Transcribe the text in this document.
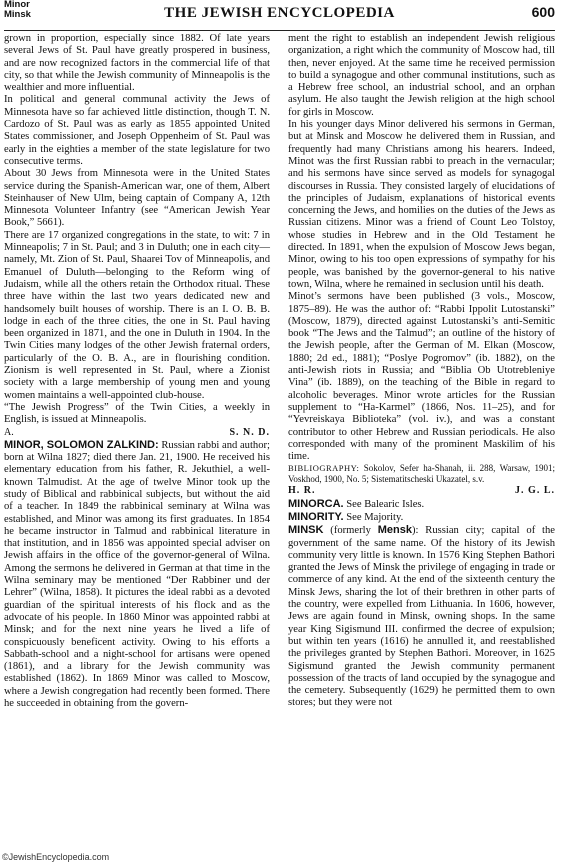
Minor
Minsk	THE JEWISH ENCYCLOPEDIA	600

grown in proportion, especially since 1882. Of late years several Jews of St. Paul have greatly prospered in business, and are now recognized factors in the commercial life of that city, so that while the Jewish community of Minneapolis is the wealthier and more influential.

In political and general communal activity the Jews of Minnesota have so far achieved little distinction, though T. N. Cardozo of St. Paul was as early as 1855 appointed United States commissioner, and Joseph Oppenheim of St. Paul was early in the eighties a member of the state legislature for two consecutive terms.

About 30 Jews from Minnesota were in the United States service during the Spanish-American war, one of them, Albert Steinhauser of New Ulm, being captain of Company A, 12th Minnesota Volunteer Infantry (see “American Jewish Year Book,” 5661).

There are 17 organized congregations in the state, to wit: 7 in Minneapolis; 7 in St. Paul; and 3 in Duluth; one in each city—namely, Mt. Zion of St. Paul, Shaarei Tov of Minneapolis, and Emanuel of Duluth—belonging to the Reform wing of Judaism, while all the others retain the Orthodox ritual. These three have within the last two years dedicated new and handsomely built houses of worship. There is an I. O. B. B. lodge in each of the three cities, the one in St. Paul having been organized in 1871, and the one in Duluth in 1904. In the Twin Cities many lodges of the other Jewish fraternal orders, particularly of the O. B. A., are in flourishing condition. Zionism is well represented in St. Paul, where a Zionist society with a large membership of young men and young women maintains a well-appointed club-house.

“The Jewish Progress” of the Twin Cities, a weekly in English, is issued at Minneapolis.

A.	S. N. D.

MINOR, SOLOMON ZALKIND: Russian rabbi and author; born at Wilna 1827; died there Jan. 21, 1900. He received his elementary education from his father, R. Jekuthiel, a well-known Talmudist. At the age of twelve Minor took up the study of Biblical and rabbinical subjects, but without the aid of a teacher. In 1849 the rabbinical seminary at Wilna was established, and Minor was among its first graduates. In 1854 he became instructor in Talmud and rabbinical literature in that institution, and in 1856 was appointed special adviser on Jewish affairs in the office of the governor-general of Wilna. Among the sermons he delivered in German at that time in the Wilna seminary may be mentioned “Der Rabbiner und der Lehrer” (Wilna, 1858). It pictures the ideal rabbi as a devoted guardian of the spiritual interests of his flock and as the advocate of his people. In 1860 Minor was appointed rabbi at Minsk; and for the next nine years he lived a life of conspicuously beneficent activity. Owing to his efforts a Sabbath-school and a night-school for artisans were opened (1861), and a library for the Jewish community was established (1862). In 1869 Minor was called to Moscow, where a Jewish congregation had recently been formed. There he succeeded in obtaining from the govern-

ment the right to establish an independent Jewish religious organization, a right which the community of Moscow had, till then, never enjoyed. At the same time he received permission to build a synagogue and other communal institutions, such as a Hebrew free school, an industrial school, and an orphan asylum. He also taught the Jewish religion at the high school for girls in Moscow.

In his younger days Minor delivered his sermons in German, but at Minsk and Moscow he delivered them in Russian, and frequently had many Christians among his hearers. Indeed, Minot was the first Russian rabbi to preach in the vernacular; and his sermons have since served as models for synagogal discourses in Russia. They consisted largely of elucidations of the principles of Judaism, explanations of historical events concerning the Jews, and homilies on the duties of the Jews as Russian citizens. Minor was a friend of Count Leo Tolstoy, whose studies in Hebrew and in the Old Testament he directed. In 1891, when the expulsion of Moscow Jews began, Minor, owing to his too open expressions of sympathy for his people, was banished by the governor-general to his native town, Wilna, where he remained in seclusion until his death.

Minot’s sermons have been published (3 vols., Moscow, 1875–89). He was the author of: “Rabbi Ippolit Lutostanski” (Moscow, 1879), directed against Lutostanski’s anti-Semitic book “The Jews and the Talmud”; an outline of the history of the Jewish people, after the German of M. Elkan (Moscow, 1880; 2d ed., 1881); “Poslye Pogromov” (ib. 1882), on the anti-Jewish riots in Russia; and “Biblia Ob Utotrebleniye Vina” (ib. 1889), on the teaching of the Bible in regard to alcoholic beverages. Minor wrote articles for the Russian supplement to “Ha-Karmel” (1866, Nos. 11–25), and for “Yevreiskaya Biblioteka” (vol. iv.), and was a constant contributor to other Hebrew and Russian periodicals. He also corresponded with many of the prominent Maskilim of his time.

BIBLIOGRAPHY: Sokolov, Sefer ha-Shanah, ii. 288, Warsaw, 1901; Voskhod, 1900, No. 5; Sistematitscheski Ukazatel, s.v.

H. R.	J. G. L.

MINORCA. See Balearic Isles.

MINORITY. See Majority.

MINSK (formerly Mensk): Russian city; capital of the government of the same name. Of the history of its Jewish community very little is known. In 1576 King Stephen Bathori granted the Jews of Minsk the privilege of engaging in trade or commerce of any kind. At the end of the sixteenth century the Minsk Jews, sharing the lot of their brethren in other parts of the country, were expelled from Lithuania. In 1606, however, Jews are again found in Minsk, owning shops. In the same year King Sigismund III. confirmed the decree of expulsion; but within ten years (1616) he annulled it, and reestablished the privileges granted by Stephen Bathori. Moreover, in 1625 Sigismund granted the Jewish community permanent possession of the tracts of land occupied by the synagogue and the cemetery. Subsequently (1629) he permitted them to own stores; but they were not

©JewishEncyclopedia.com
